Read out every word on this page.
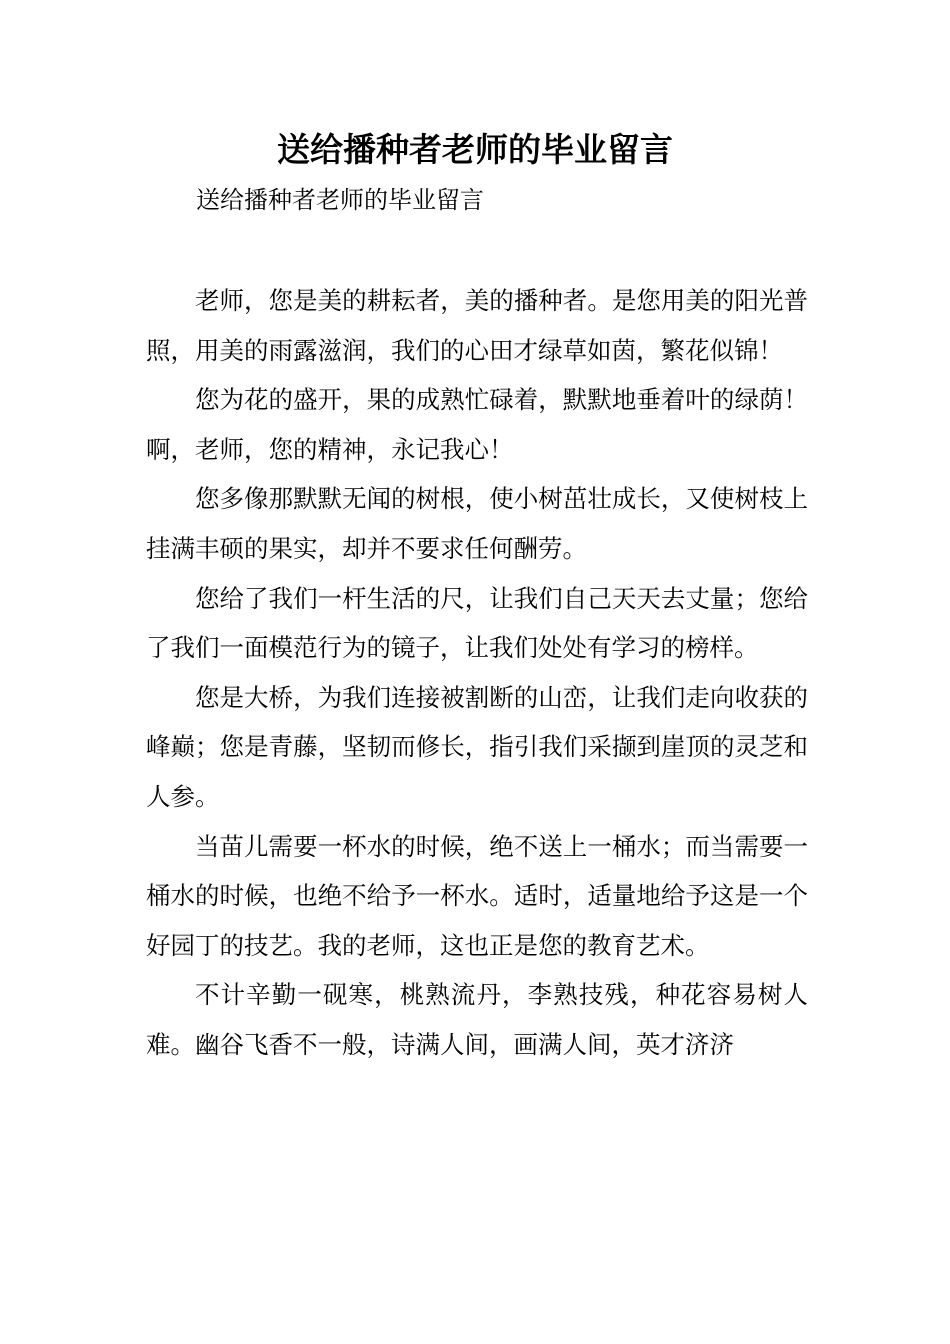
送给播种者老师的毕业留言

送给播种者老师的毕业留言

老师，您是美的耕耘者，美的播种者。是您用美的阳光普照，用美的雨露滋润，我们的心田才绿草如茵，繁花似锦！

您为花的盛开，果的成熟忙碌着，默默地垂着叶的绿荫！啊，老师，您的精神，永记我心！

您多像那默默无闻的树根，使小树茁壮成长，又使树枝上挂满丰硕的果实，却并不要求任何酬劳。

您给了我们一杆生活的尺，让我们自己天天去丈量；您给了我们一面模范行为的镜子，让我们处处有学习的榜样。

您是大桥，为我们连接被割断的山峦，让我们走向收获的峰巅；您是青藤，坚韧而修长，指引我们采撷到崖顶的灵芝和人参。

当苗儿需要一杯水的时候，绝不送上一桶水；而当需要一桶水的时候，也绝不给予一杯水。适时，适量地给予这是一个好园丁的技艺。我的老师，这也正是您的教育艺术。

不计辛勤一砚寒，桃熟流丹，李熟技残，种花容易树人难。幽谷飞香不一般，诗满人间，画满人间，英才济济
